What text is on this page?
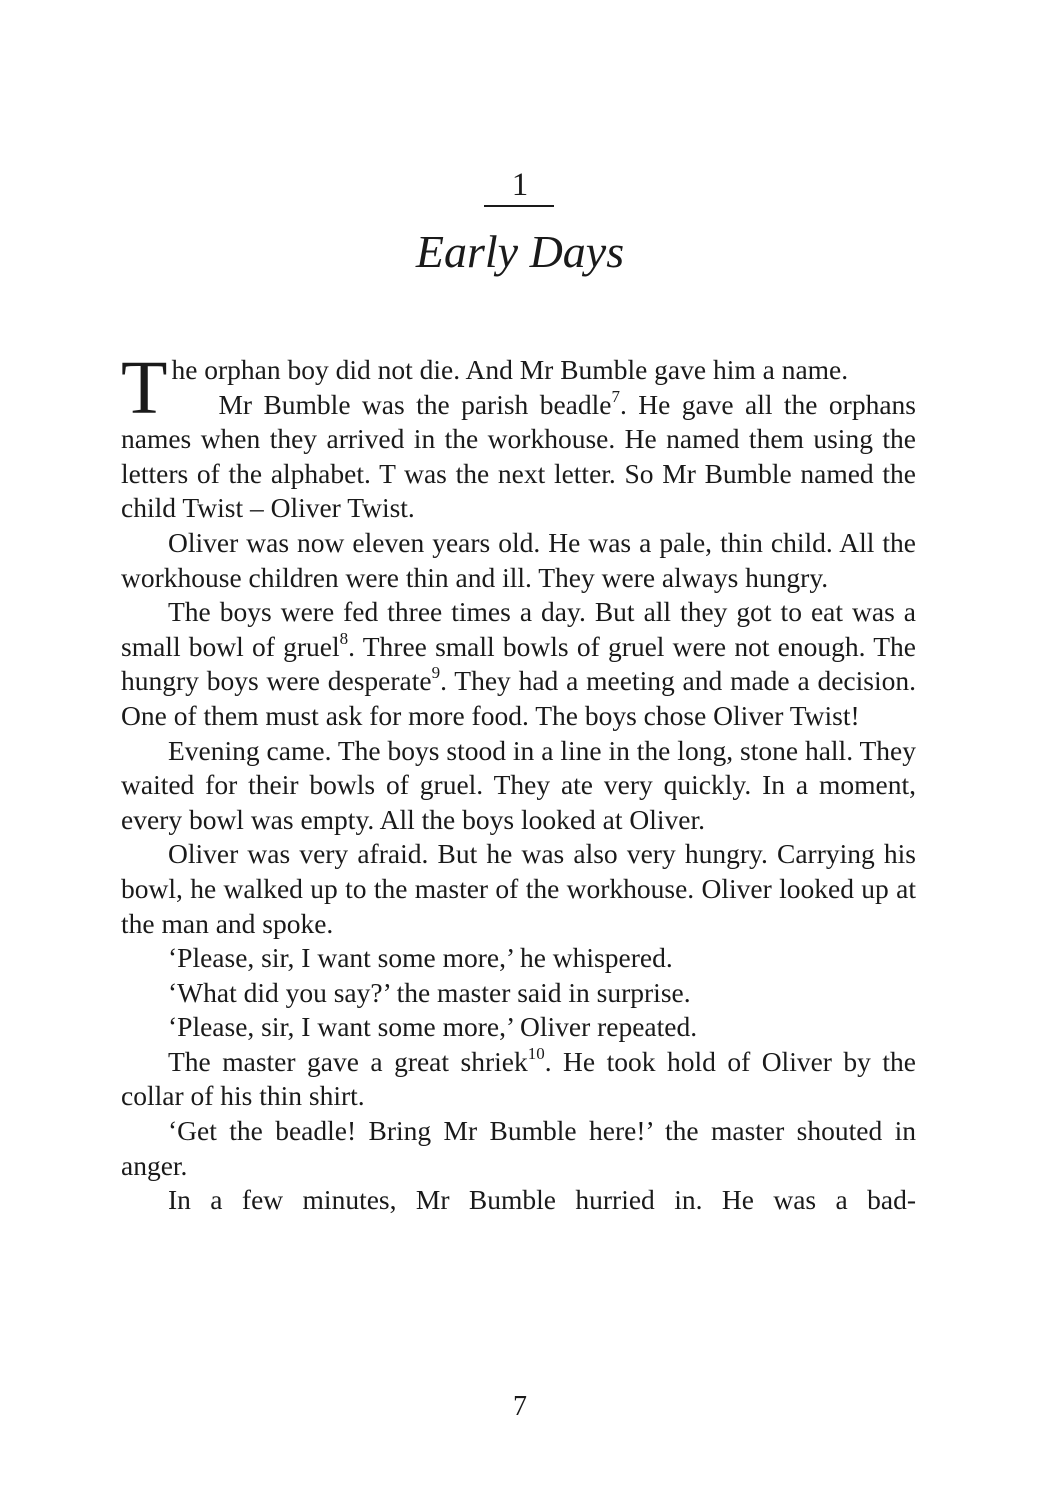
1
Early Days

The orphan boy did not die. And Mr Bumble gave him a name.

Mr Bumble was the parish beadle$^7$. He gave all the orphans names when they arrived in the workhouse. He named them using the letters of the alphabet. T was the next letter. So Mr Bumble named the child Twist – Oliver Twist.

Oliver was now eleven years old. He was a pale, thin child. All the workhouse children were thin and ill. They were always hungry.

The boys were fed three times a day. But all they got to eat was a small bowl of gruel$^8$. Three small bowls of gruel were not enough. The hungry boys were desperate$^9$. They had a meeting and made a decision. One of them must ask for more food. The boys chose Oliver Twist!

Evening came. The boys stood in a line in the long, stone hall. They waited for their bowls of gruel. They ate very quickly. In a moment, every bowl was empty. All the boys looked at Oliver.

Oliver was very afraid. But he was also very hungry. Carrying his bowl, he walked up to the master of the workhouse. Oliver looked up at the man and spoke.

‘Please, sir, I want some more,’ he whispered.

‘What did you say?’ the master said in surprise.

‘Please, sir, I want some more,’ Oliver repeated.

The master gave a great shriek$^{10}$. He took hold of Oliver by the collar of his thin shirt.

‘Get the beadle! Bring Mr Bumble here!’ the master shouted in anger.

In a few minutes, Mr Bumble hurried in. He was a bad-

7
